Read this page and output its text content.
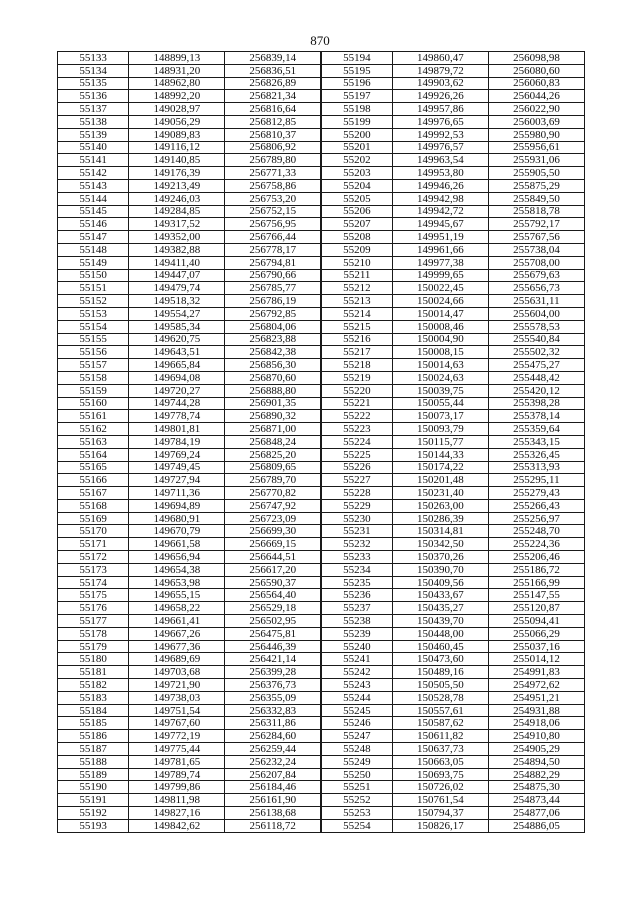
870
55133	148899,13	256839,14	55194	149860,47	256098,98
55134	148931,20	256836,51	55195	149879,72	256080,60
55135	148962,80	256826,89	55196	149903,62	256060,83
55136	148992,20	256821,34	55197	149926,26	256044,26
55137	149028,97	256816,64	55198	149957,86	256022,90
55138	149056,29	256812,85	55199	149976,65	256003,69
55139	149089,83	256810,37	55200	149992,53	255980,90
55140	149116,12	256806,92	55201	149976,57	255956,61
55141	149140,85	256789,80	55202	149963,54	255931,06
55142	149176,39	256771,33	55203	149953,80	255905,50
55143	149213,49	256758,86	55204	149946,26	255875,29
55144	149246,03	256753,20	55205	149942,98	255849,50
55145	149284,85	256752,15	55206	149942,72	255818,78
55146	149317,52	256756,95	55207	149945,67	255792,17
55147	149352,00	256766,44	55208	149951,19	255767,56
55148	149382,88	256778,17	55209	149961,66	255738,04
55149	149411,40	256794,81	55210	149977,38	255708,00
55150	149447,07	256790,66	55211	149999,65	255679,63
55151	149479,74	256785,77	55212	150022,45	255656,73
55152	149518,32	256786,19	55213	150024,66	255631,11
55153	149554,27	256792,85	55214	150014,47	255604,00
55154	149585,34	256804,06	55215	150008,46	255578,53
55155	149620,75	256823,88	55216	150004,90	255540,84
55156	149643,51	256842,38	55217	150008,15	255502,32
55157	149665,84	256856,30	55218	150014,63	255475,27
55158	149694,08	256870,60	55219	150024,63	255448,42
55159	149720,27	256888,80	55220	150039,75	255420,12
55160	149744,28	256901,35	55221	150055,44	255398,28
55161	149778,74	256890,32	55222	150073,17	255378,14
55162	149801,81	256871,00	55223	150093,79	255359,64
55163	149784,19	256848,24	55224	150115,77	255343,15
55164	149769,24	256825,20	55225	150144,33	255326,45
55165	149749,45	256809,65	55226	150174,22	255313,93
55166	149727,94	256789,70	55227	150201,48	255295,11
55167	149711,36	256770,82	55228	150231,40	255279,43
55168	149694,89	256747,92	55229	150263,00	255266,43
55169	149680,91	256723,09	55230	150286,39	255256,97
55170	149670,79	256699,30	55231	150314,81	255248,70
55171	149661,58	256669,15	55232	150342,50	255224,36
55172	149656,94	256644,51	55233	150370,26	255206,46
55173	149654,38	256617,20	55234	150390,70	255186,72
55174	149653,98	256590,37	55235	150409,56	255166,99
55175	149655,15	256564,40	55236	150433,67	255147,55
55176	149658,22	256529,18	55237	150435,27	255120,87
55177	149661,41	256502,95	55238	150439,70	255094,41
55178	149667,26	256475,81	55239	150448,00	255066,29
55179	149677,36	256446,39	55240	150460,45	255037,16
55180	149689,69	256421,14	55241	150473,60	255014,12
55181	149703,68	256399,28	55242	150489,16	254991,83
55182	149721,90	256376,73	55243	150505,50	254972,62
55183	149738,03	256355,09	55244	150528,78	254951,21
55184	149751,54	256332,83	55245	150557,61	254931,88
55185	149767,60	256311,86	55246	150587,62	254918,06
55186	149772,19	256284,60	55247	150611,82	254910,80
55187	149775,44	256259,44	55248	150637,73	254905,29
55188	149781,65	256232,24	55249	150663,05	254894,50
55189	149789,74	256207,84	55250	150693,75	254882,29
55190	149799,86	256184,46	55251	150726,02	254875,30
55191	149811,98	256161,90	55252	150761,54	254873,44
55192	149827,16	256138,68	55253	150794,37	254877,06
55193	149842,62	256118,72	55254	150826,17	254886,05
